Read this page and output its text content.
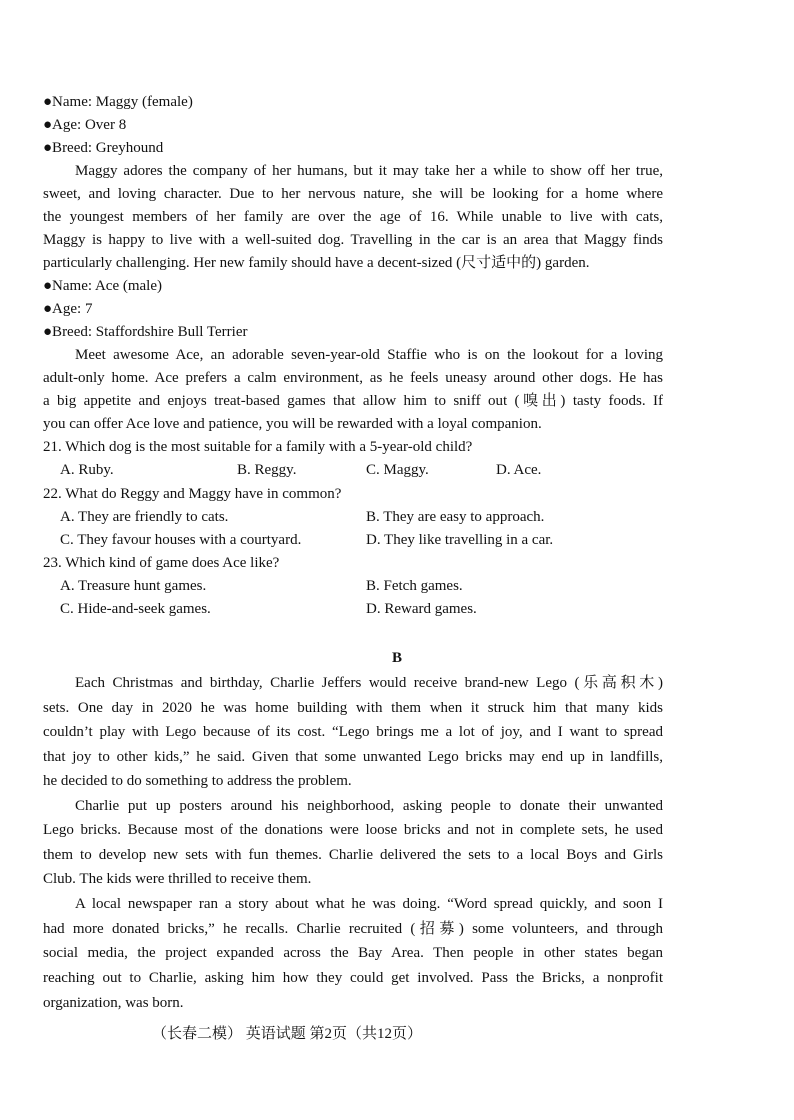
●Name: Maggy (female)
●Age: Over 8
●Breed: Greyhound
Maggy adores the company of her humans, but it may take her a while to show off her true,
sweet, and loving character. Due to her nervous nature, she will be looking for a home where
the youngest members of her family are over the age of 16. While unable to live with cats,
Maggy is happy to live with a well-suited dog. Travelling in the car is an area that Maggy finds
particularly challenging. Her new family should have a decent-sized (尺寸适中的) garden.
●Name: Ace (male)
●Age: 7
●Breed: Staffordshire Bull Terrier
Meet awesome Ace, an adorable seven-year-old Staffie who is on the lookout for a loving
adult-only home. Ace prefers a calm environment, as he feels uneasy around other dogs. He has
a big appetite and enjoys treat-based games that allow him to sniff out (嗅出) tasty foods. If
you can offer Ace love and patience, you will be rewarded with a loyal companion.
21. Which dog is the most suitable for a family with a 5-year-old child?
A. Ruby.	B. Reggy.	C. Maggy.	D. Ace.
22. What do Reggy and Maggy have in common?
A. They are friendly to cats.	B. They are easy to approach.
C. They favour houses with a courtyard.	D. They like travelling in a car.
23. Which kind of game does Ace like?
A. Treasure hunt games.	B. Fetch games.
C. Hide-and-seek games.	D. Reward games.
B
Each Christmas and birthday, Charlie Jeffers would receive brand-new Lego (乐高积木)
sets. One day in 2020 he was home building with them when it struck him that many kids
couldn’t play with Lego because of its cost. “Lego brings me a lot of joy, and I want to spread
that joy to other kids,” he said. Given that some unwanted Lego bricks may end up in landfills,
he decided to do something to address the problem.
Charlie put up posters around his neighborhood, asking people to donate their unwanted
Lego bricks. Because most of the donations were loose bricks and not in complete sets, he used
them to develop new sets with fun themes. Charlie delivered the sets to a local Boys and Girls
Club. The kids were thrilled to receive them.
A local newspaper ran a story about what he was doing. “Word spread quickly, and soon I
had more donated bricks,” he recalls. Charlie recruited (招募) some volunteers, and through
social media, the project expanded across the Bay Area. Then people in other states began
reaching out to Charlie, asking him how they could get involved. Pass the Bricks, a nonprofit
organization, was born.
（长春二模） 英语试题 第2页（共12页）
